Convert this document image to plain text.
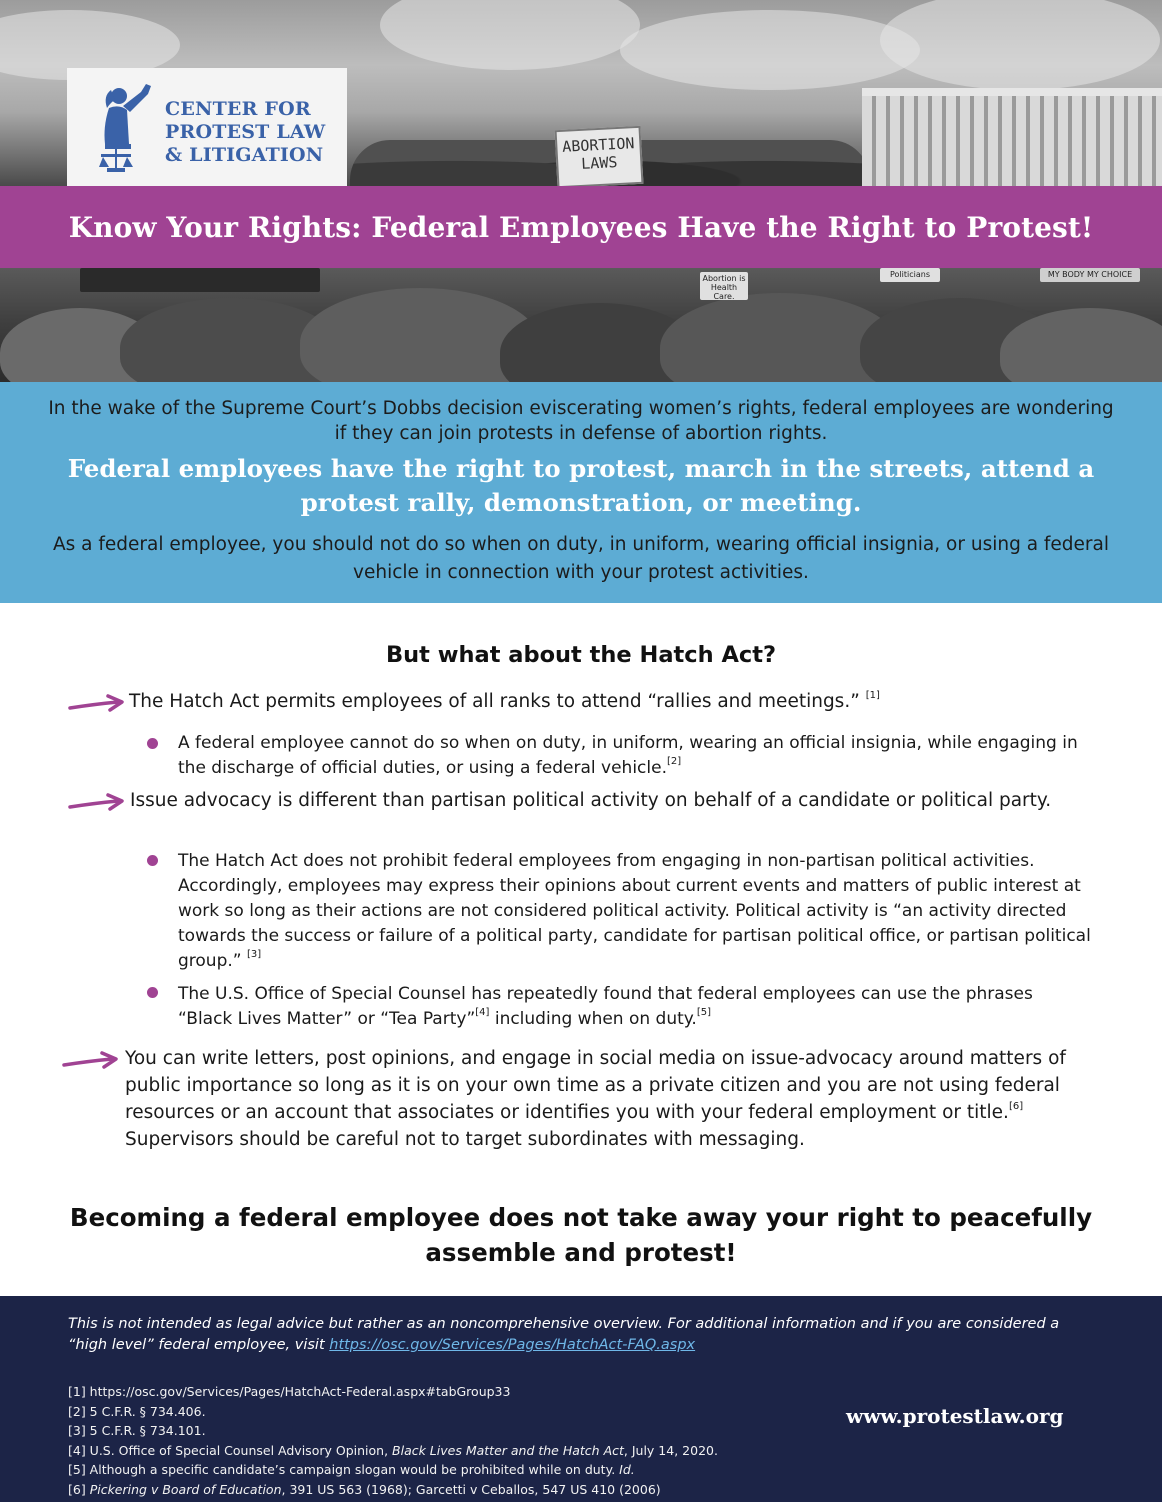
ABORTION
LAWS
CENTER FOR
PROTEST LAW
& LITIGATION
Know Your Rights: Federal Employees Have the Right to Protest!
Abortion is Health Care.
Politicians	MY BODY MY CHOICE
In the wake of the Supreme Court’s Dobbs decision eviscerating women’s rights, federal employees are wondering if they can join protests in defense of abortion rights.
Federal employees have the right to protest, march in the streets, attend a protest rally, demonstration, or meeting.
As a federal employee, you should not do so when on duty, in uniform, wearing official insignia, or using a federal vehicle in connection with your protest activities.
But what about the Hatch Act?
The Hatch Act permits employees of all ranks to attend “rallies and meetings.” [1]
A federal employee cannot do so when on duty, in uniform, wearing an official insignia, while engaging in the discharge of official duties, or using a federal vehicle.[2]
Issue advocacy is different than partisan political activity on behalf of a candidate or political party.
The Hatch Act does not prohibit federal employees from engaging in non-partisan political activities. Accordingly, employees may express their opinions about current events and matters of public interest at work so long as their actions are not considered political activity. Political activity is “an activity directed towards the success or failure of a political party, candidate for partisan political office, or partisan political group.” [3]
The U.S. Office of Special Counsel has repeatedly found that federal employees can use the phrases “Black Lives Matter” or “Tea Party”[4] including when on duty.[5]
You can write letters, post opinions, and engage in social media on issue-advocacy around matters of public importance so long as it is on your own time as a private citizen and you are not using federal resources or an account that associates or identifies you with your federal employment or title.[6] Supervisors should be careful not to target subordinates with messaging.
Becoming a federal employee does not take away your right to peacefully assemble and protest!
This is not intended as legal advice but rather as an noncomprehensive overview. For additional information and if you are considered a “high level” federal employee, visit https://osc.gov/Services/Pages/HatchAct-FAQ.aspx
[1] https://osc.gov/Services/Pages/HatchAct-Federal.aspx#tabGroup33
[2] 5 C.F.R. § 734.406.
[3] 5 C.F.R. § 734.101.
[4] U.S. Office of Special Counsel Advisory Opinion, Black Lives Matter and the Hatch Act, July 14, 2020.
[5] Although a specific candidate’s campaign slogan would be prohibited while on duty. Id.
[6] Pickering v Board of Education, 391 US 563 (1968); Garcetti v Ceballos, 547 US 410 (2006)
www.protestlaw.org
